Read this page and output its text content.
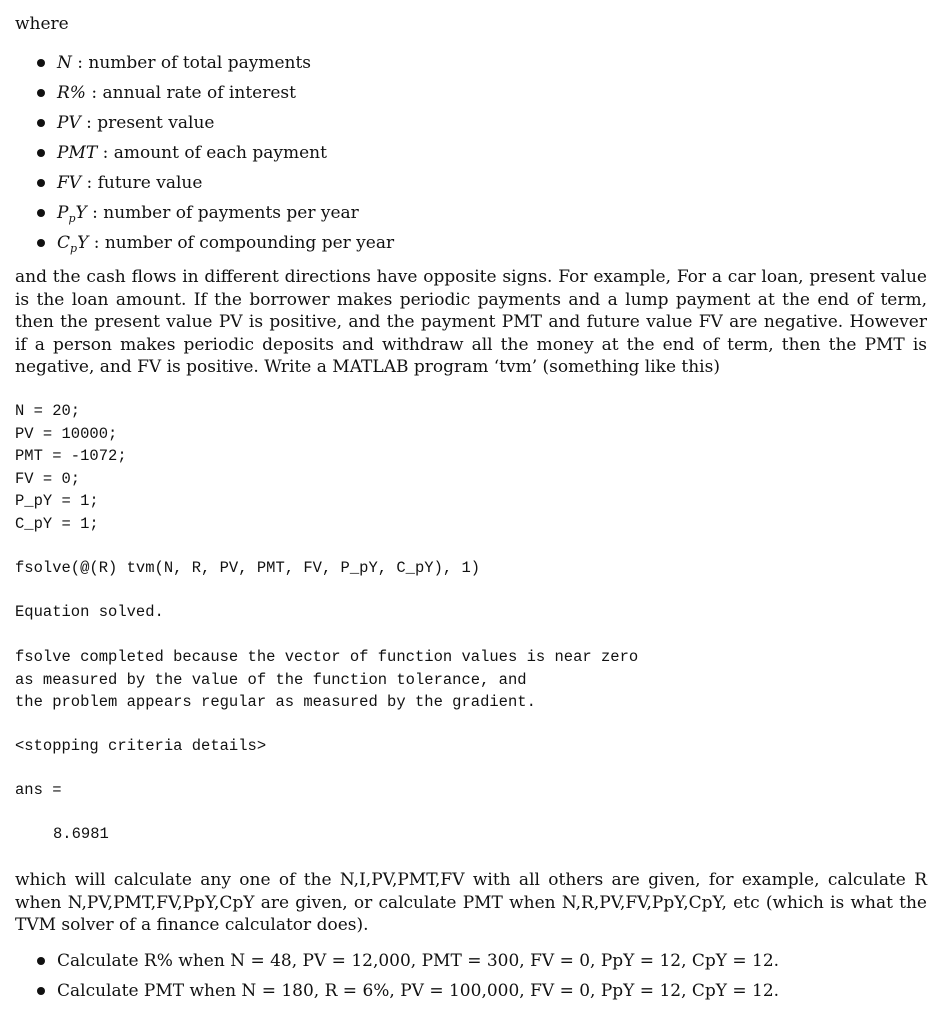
where
N : number of total payments
R% : annual rate of interest
PV : present value
PMT : amount of each payment
FV : future value
$P_pY$ : number of payments per year
$C_pY$ : number of compounding per year

and the cash flows in different directions have opposite signs. For example, For a car loan, present value is the loan amount. If the borrower makes periodic payments and a lump payment at the end of term, then the present value PV is positive, and the payment PMT and future value FV are negative. However if a person makes periodic deposits and withdraw all the money at the end of term, then the PMT is negative, and FV is positive. Write a MATLAB program ‘tvm’ (something like this)

N = 20;
PV = 10000;
PMT = -1072;
FV = 0;
P_pY = 1;
C_pY = 1;
fsolve(@(R) tvm(N, R, PV, PMT, FV, P_pY, C_pY), 1)
Equation solved.
fsolve completed because the vector of function values is near zero
as measured by the value of the function tolerance, and
the problem appears regular as measured by the gradient.
<stopping criteria details>
ans =
8.6981

which will calculate any one of the N,I,PV,PMT,FV with all others are given, for example, calculate R when N,PV,PMT,FV,PpY,CpY are given, or calculate PMT when N,R,PV,FV,PpY,CpY, etc (which is what the TVM solver of a finance calculator does).

Calculate R% when N = 48, PV = 12,000, PMT = 300, FV = 0, PpY = 12, CpY = 12.
Calculate PMT when N = 180, R = 6%, PV = 100,000, FV = 0, PpY = 12, CpY = 12.
